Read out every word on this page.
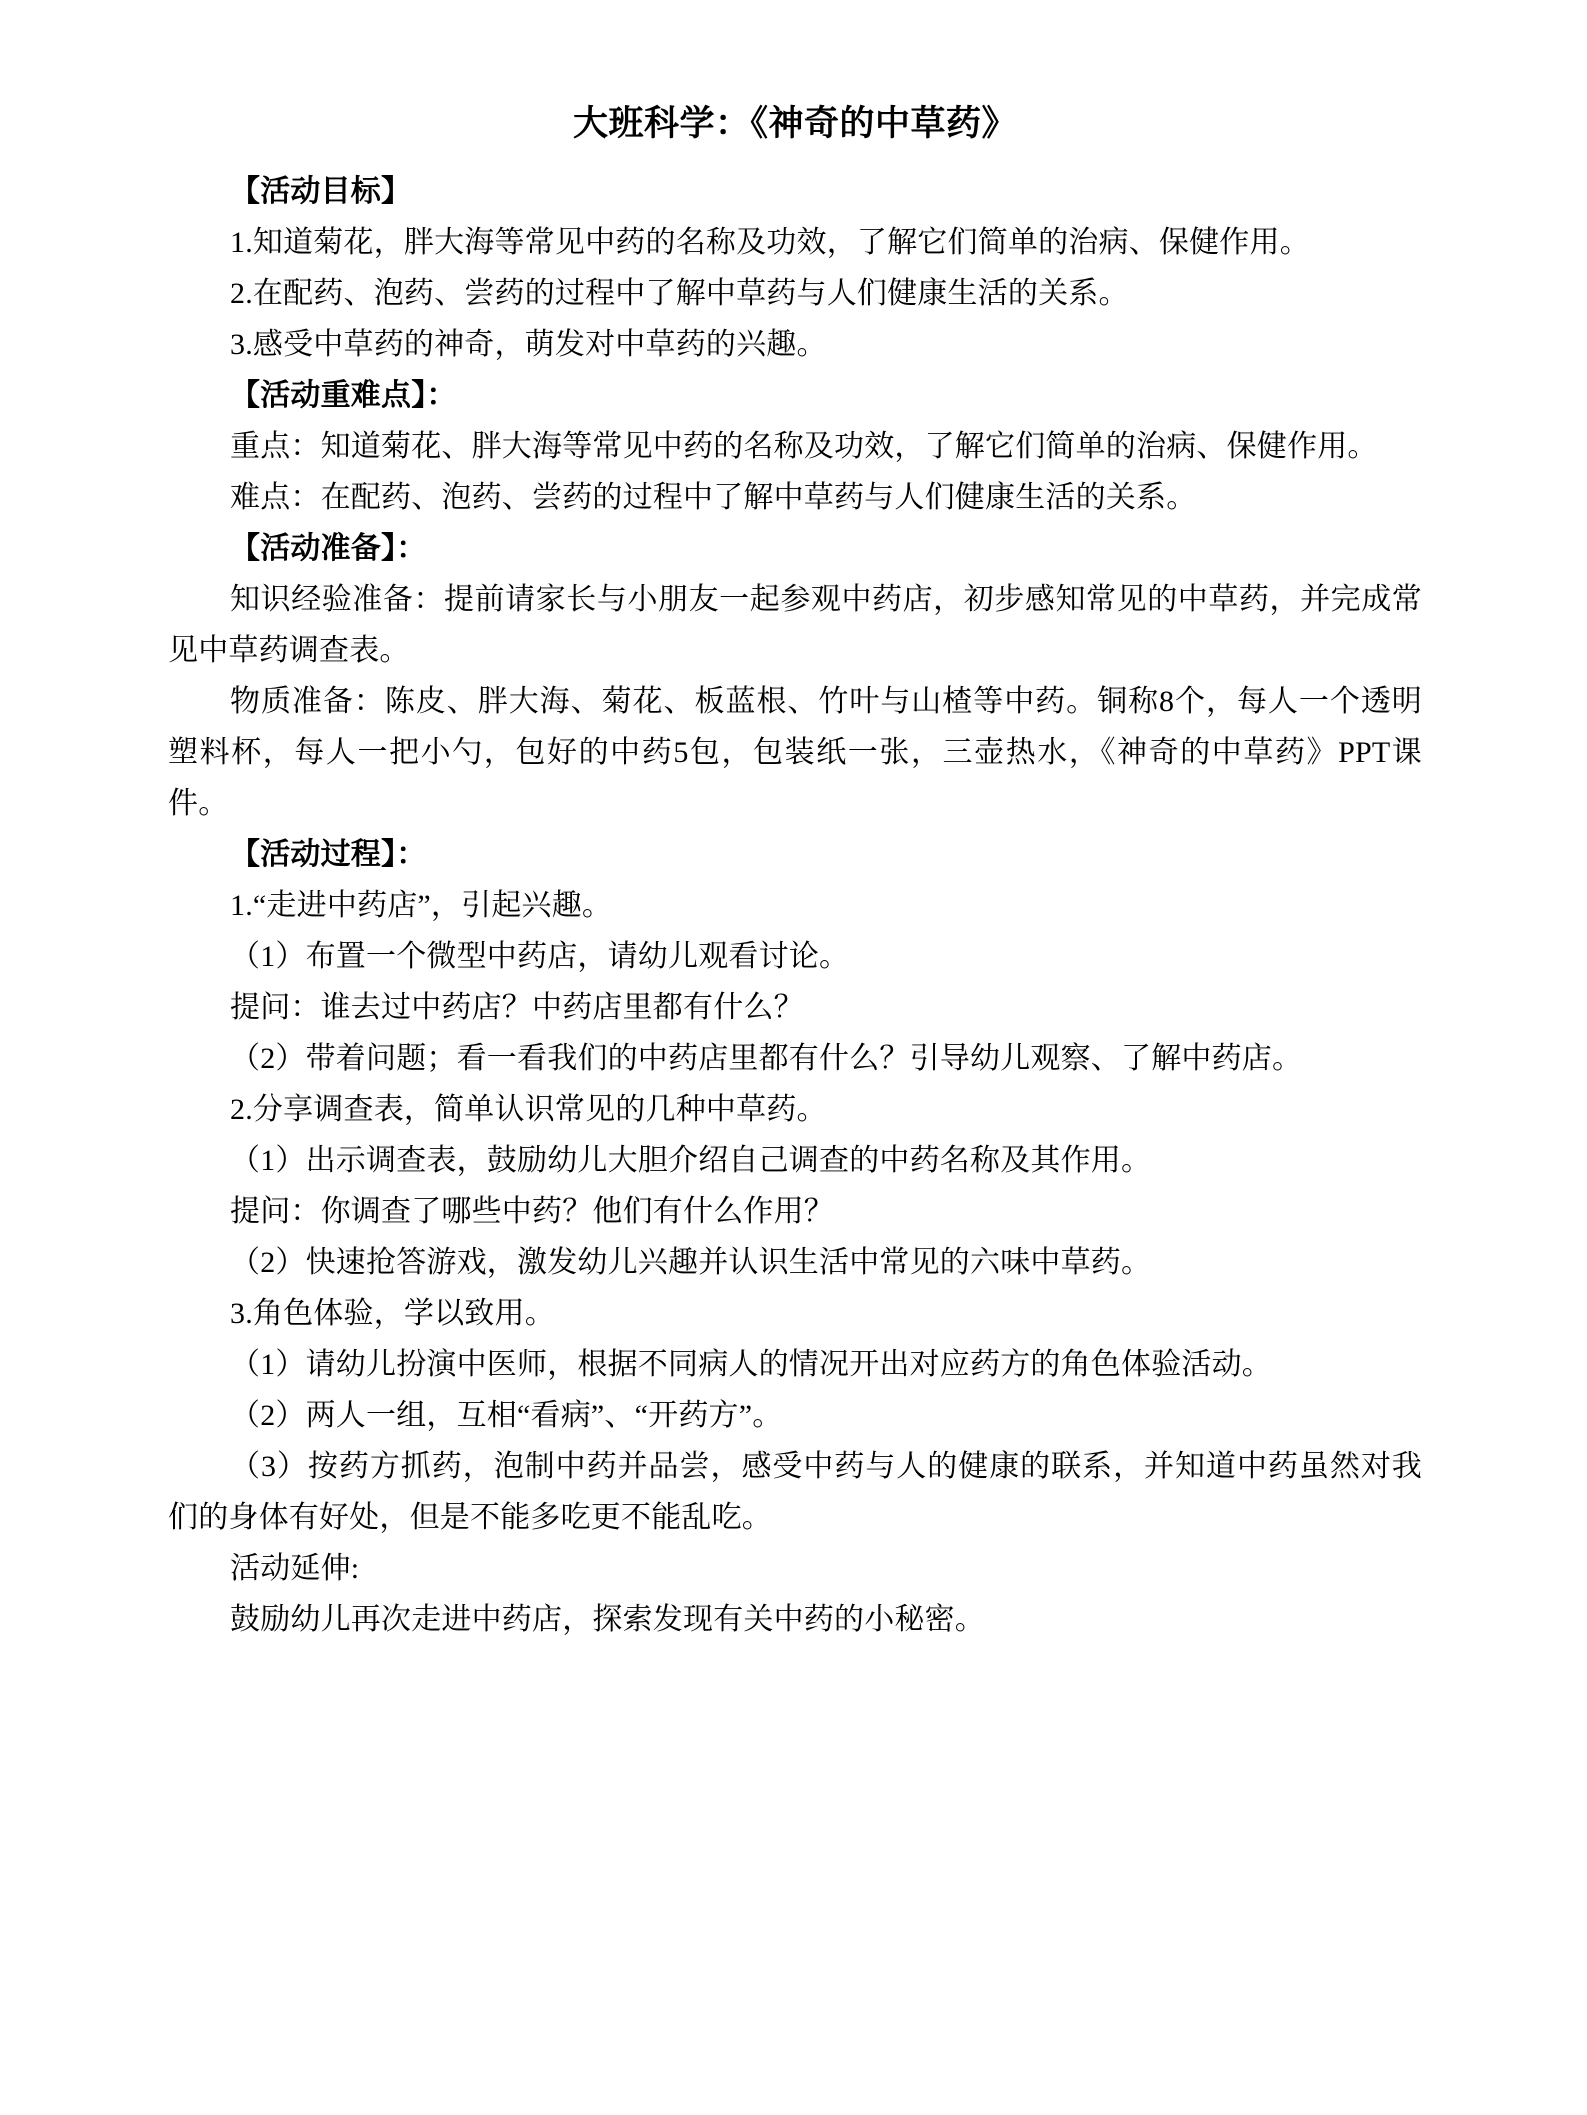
大班科学：《神奇的中草药》

【活动目标】

1.知道菊花，胖大海等常见中药的名称及功效，了解它们简单的治病、保健作用。

2.在配药、泡药、尝药的过程中了解中草药与人们健康生活的关系。

3.感受中草药的神奇，萌发对中草药的兴趣。

【活动重难点】：

重点：知道菊花、胖大海等常见中药的名称及功效，了解它们简单的治病、保健作用。

难点：在配药、泡药、尝药的过程中了解中草药与人们健康生活的关系。

【活动准备】：

知识经验准备：提前请家长与小朋友一起参观中药店，初步感知常见的中草药，并完成常见中草药调查表。

物质准备：陈皮、胖大海、菊花、板蓝根、竹叶与山楂等中药。铜称8个，每人一个透明塑料杯，每人一把小勺，包好的中药5包，包装纸一张，三壶热水，《神奇的中草药》PPT课件。

【活动过程】：

1.“走进中药店”，引起兴趣。

（1）布置一个微型中药店，请幼儿观看讨论。

提问：谁去过中药店？中药店里都有什么？

（2）带着问题；看一看我们的中药店里都有什么？引导幼儿观察、了解中药店。

2.分享调查表，简单认识常见的几种中草药。

（1）出示调查表，鼓励幼儿大胆介绍自己调查的中药名称及其作用。

提问：你调查了哪些中药？他们有什么作用？

（2）快速抢答游戏，激发幼儿兴趣并认识生活中常见的六味中草药。

3.角色体验，学以致用。

（1）请幼儿扮演中医师，根据不同病人的情况开出对应药方的角色体验活动。

（2）两人一组，互相“看病”、“开药方”。

（3）按药方抓药，泡制中药并品尝，感受中药与人的健康的联系，并知道中药虽然对我们的身体有好处，但是不能多吃更不能乱吃。

活动延伸:

鼓励幼儿再次走进中药店，探索发现有关中药的小秘密。
